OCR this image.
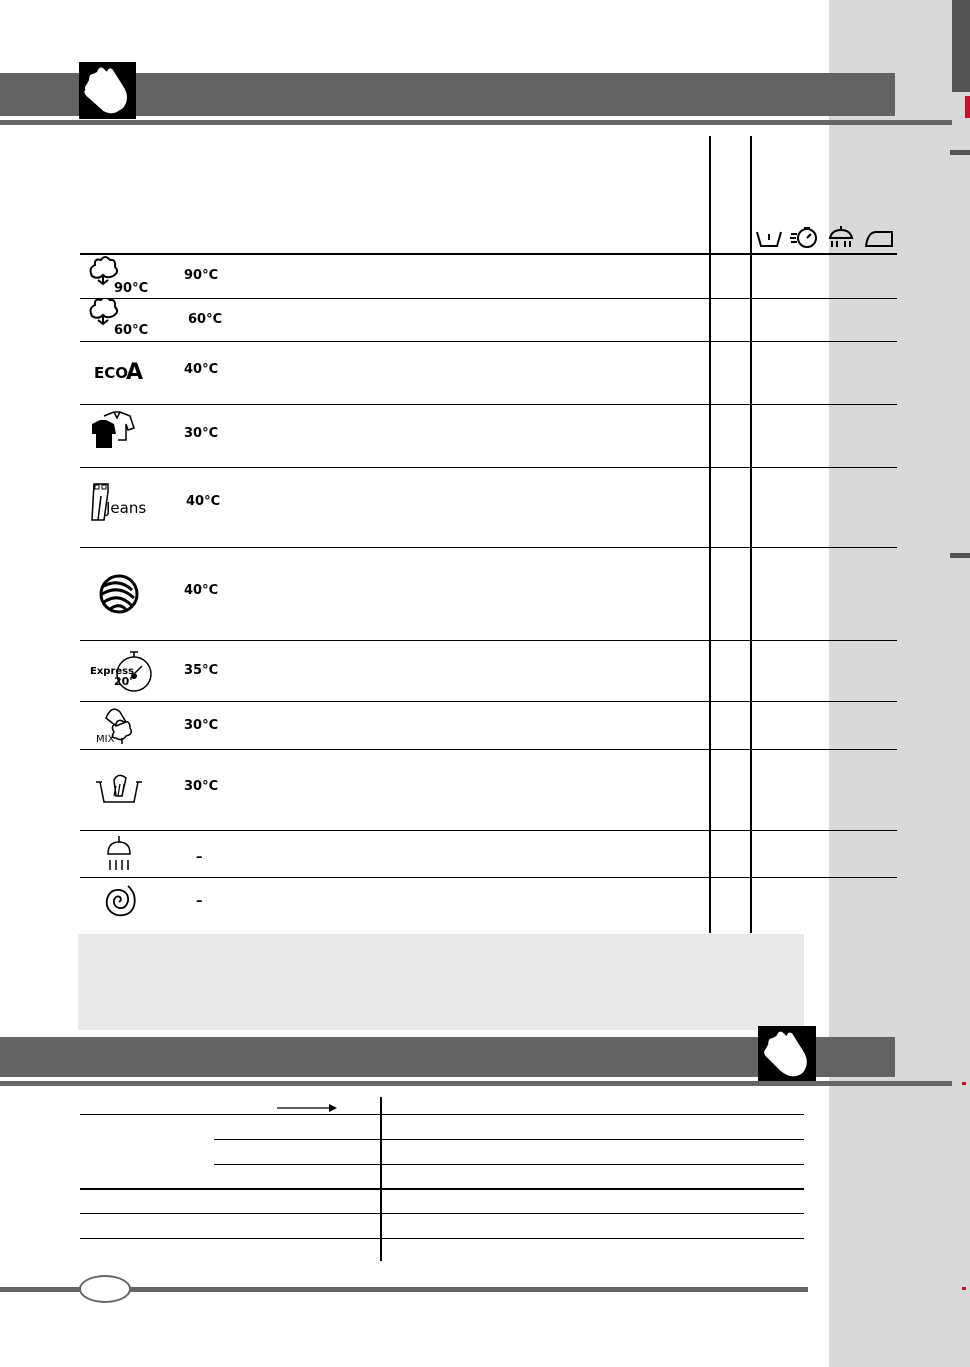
90°C
60°C
ECO
A
Jeans
Express
20'
MIX
90°C
60°C
40°C
30°C
40°C
40°C
35°C
30°C
30°C
–
–
